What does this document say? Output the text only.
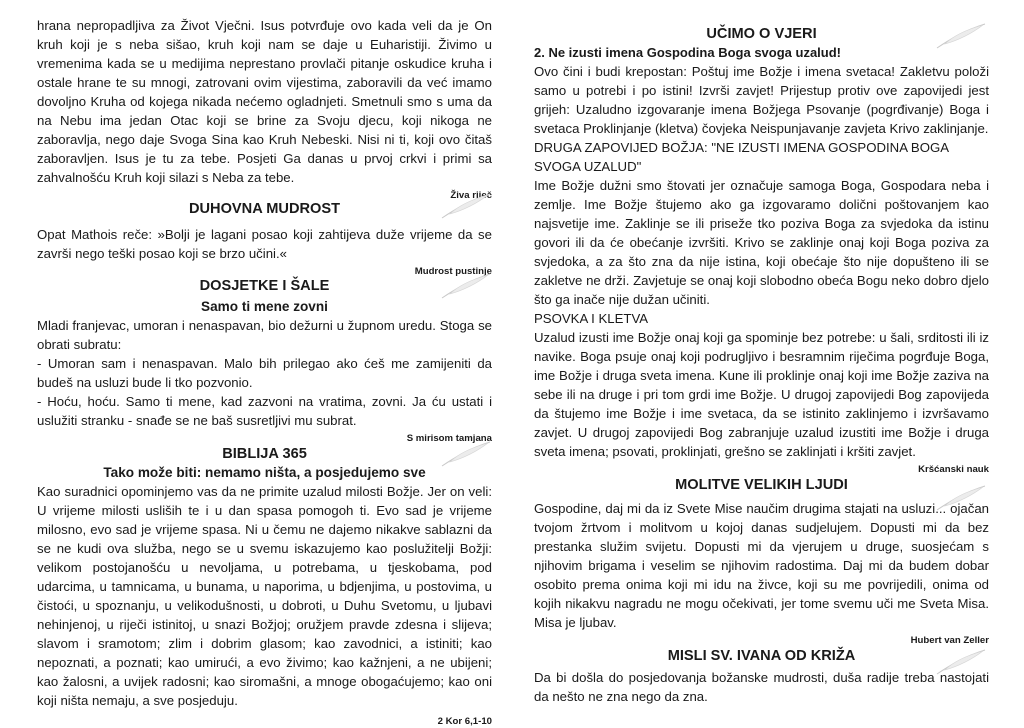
hrana nepropadljiva za Život Vječni. Isus potvrđuje ovo kada veli da je On kruh koji je s neba sišao, kruh koji nam se daje u Euharistiji. Živimo u vremenima kada se u medijima neprestano provlači pitanje oskudice kruha i ostale hrane te su mnogi, zatrovani ovim vijestima, zaboravili da već imamo dovoljno Kruha od kojega nikada nećemo ogladnjeti. Smetnuli smo s uma da na Nebu ima jedan Otac koji se brine za Svoju djecu, koji nikoga ne zaboravlja, nego daje Svoga Sina kao Kruh Nebeski. Nisi ni ti, koji ovo čitaš zaboravljen. Isus je tu za tebe. Posjeti Ga danas u prvoj crkvi i primi sa zahvalnošću Kruh koji silazi s Neba za tebe.

Živa riječ
DUHOVNA MUDROST

Opat Mathois reče: »Bolji je lagani posao koji zahtijeva duže vrijeme da se završi nego teški posao koji se brzo učini.«

Mudrost pustinje
DOSJETKE I ŠALE
Samo ti mene zovni

Mladi franjevac, umoran i nenaspavan, bio dežurni u župnom uredu. Stoga se obrati subratu:

- Umoran sam i nenaspavan. Malo bih prilegao ako ćeš me zamijeniti da budeš na usluzi bude li tko pozvonio.

- Hoću, hoću. Samo ti mene, kad zazvoni na vratima, zovni. Ja ću ustati i uslužiti stranku - snađe se ne baš susretljivi mu subrat.

S mirisom tamjana
BIBLIJA 365
Tako može biti: nemamo ništa, a posjedujemo sve

Kao suradnici opominjemo vas da ne primite uzalud milosti Božje. Jer on veli: U vrijeme milosti usliših te i u dan spasa pomogoh ti. Evo sad je vrijeme milosno, evo sad je vrijeme spasa. Ni u čemu ne dajemo nikakve sablazni da se ne kudi ova služba, nego se u svemu iskazujemo kao poslužitelji Božji: velikom postojanošću u nevoljama, u potrebama, u tjeskobama, pod udarcima, u tamnicama, u bunama, u naporima, u bdjenjima, u postovima, u čistoći, u spoznanju, u velikodušnosti, u dobroti, u Duhu Svetomu, u ljubavi nehinjenoj, u riječi istinitoj, u snazi Božjoj; oružjem pravde zdesna i slijeva; slavom i sramotom; zlim i dobrim glasom; kao zavodnici, a istiniti; kao nepoznati, a poznati; kao umirući, a evo živimo; kao kažnjeni, a ne ubijeni; kao žalosni, a uvijek radosni; kao siromašni, a mnoge obogaćujemo; kao oni koji ništa nemaju, a sve posjeduju.

2 Kor 6,1-10
UČIMO O VJERI
2. Ne izusti imena Gospodina Boga svoga uzalud!

Ovo čini i budi krepostan: Poštuj ime Božje i imena svetaca! Zakletvu položi samo u potrebi i po istini! Izvrši zavjet! Prijestup protiv ove zapovijedi jest grijeh: Uzaludno izgovaranje imena Božjega Psovanje (pogrđivanje) Boga i svetaca Proklinjanje (kletva) čovjeka Neispunjavanje zavjeta Krivo zaklinjanje.

DRUGA ZAPOVIJED BOŽJA: "NE IZUSTI IMENA GOSPODINA BOGA SVOGA UZALUD"

Ime Božje dužni smo štovati jer označuje samoga Boga, Gospodara neba i zemlje. Ime Božje štujemo ako ga izgovaramo dolični poštovanjem kao najsvetije ime. Zaklinje se ili priseže tko poziva Boga za svjedoka da istinu govori ili da će obećanje izvršiti. Krivo se zaklinje onaj koji Boga poziva za svjedoka, a za što zna da nije istina, koji obećaje što nije dopušteno ili se zakletve ne drži. Zavjetuje se onaj koji slobodno obeća Bogu neko dobro djelo što ga inače nije dužan učiniti.

PSOVKA I KLETVA

Uzalud izusti ime Božje onaj koji ga spominje bez potrebe: u šali, srditosti ili iz navike. Boga psuje onaj koji podrugljivo i besramnim riječima pogrđuje Boga, ime Božje i druga sveta imena. Kune ili proklinje onaj koji ime Božje zaziva na sebe ili na druge i pri tom grdi ime Božje. U drugoj zapovijedi Bog zapovijeda da štujemo ime Božje i ime svetaca, da se istinito zaklinjemo i izvršavamo zavjet. U drugoj zapovijedi Bog zabranjuje uzalud izustiti ime Božje i druga sveta imena; psovati, proklinjati, grešno se zaklinjati i kršiti zavjet.

Kršćanski nauk
MOLITVE VELIKIH LJUDI

Gospodine, daj mi da iz Svete Mise naučim drugima stajati na usluzi... ojačan tvojom žrtvom i molitvom u kojoj danas sudjelujem. Dopusti mi da bez prestanka služim svijetu. Dopusti mi da vjerujem u druge, suosjećam s njihovim brigama i veselim se njihovim radostima. Daj mi da budem dobar osobito prema onima koji mi idu na živce, koji su me povrijedili, onima od kojih nikakvu nagradu ne mogu očekivati, jer tome svemu uči me Sveta Misa. Misa je ljubav.

Hubert van Zeller
MISLI SV. IVANA OD KRIŽA

Da bi došla do posjedovanja božanske mudrosti, duša radije treba nastojati da nešto ne zna nego da zna.
